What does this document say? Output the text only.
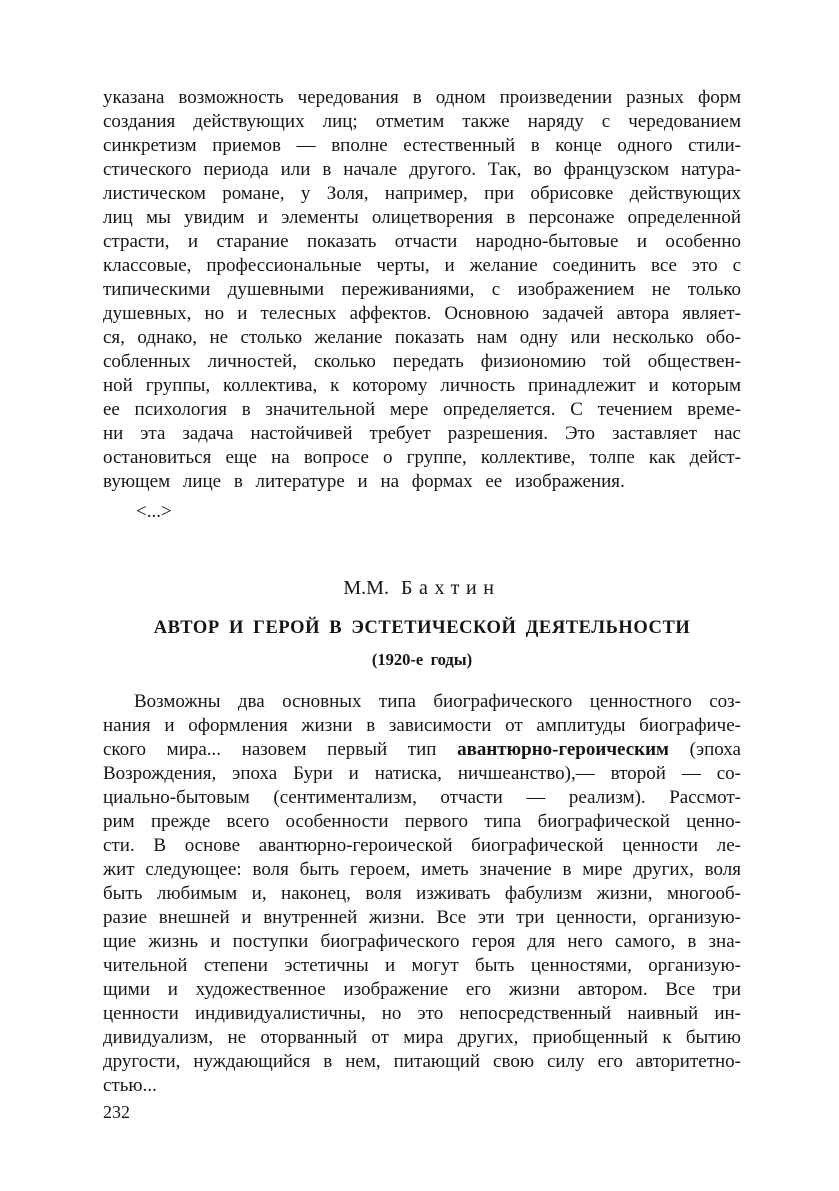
указана возможность чередования в одном произведении разных форм
создания действующих лиц; отметим также наряду с чередованием
синкретизм приемов — вполне естественный в конце одного стили-
стического периода или в начале другого. Так, во французском натура-
листическом романе, у Золя, например, при обрисовке действующих
лиц мы увидим и элементы олицетворения в персонаже определенной
страсти, и старание показать отчасти народно-бытовые и особенно
классовые, профессиональные черты, и желание соединить все это с
типическими душевными переживаниями, с изображением не только
душевных, но и телесных аффектов. Основною задачей автора являет-
ся, однако, не столько желание показать нам одну или несколько обо-
собленных личностей, сколько передать физиономию той обществен-
ной группы, коллектива, к которому личность принадлежит и которым
ее психология в значительной мере определяется. С течением време-
ни эта задача настойчивей требует разрешения. Это заставляет нас
остановиться еще на вопросе о группе, коллективе, толпе как дейст-
вующем лице в литературе и на формах ее изображения.
<...>
М.М. Бахтин
АВТОР И ГЕРОЙ В ЭСТЕТИЧЕСКОЙ ДЕЯТЕЛЬНОСТИ
(1920-е годы)
Возможны два основных типа биографического ценностного соз-
нания и оформления жизни в зависимости от амплитуды биографиче-
ского мира... назовем первый тип авантюрно-героическим (эпоха
Возрождения, эпоха Бури и натиска, ничшеанство),— второй — со-
циально-бытовым (сентиментализм, отчасти — реализм). Рассмот-
рим прежде всего особенности первого типа биографической ценно-
сти. В основе авантюрно-героической биографической ценности ле-
жит следующее: воля быть героем, иметь значение в мире других, воля
быть любимым и, наконец, воля изживать фабулизм жизни, многооб-
разие внешней и внутренней жизни. Все эти три ценности, организую-
щие жизнь и поступки биографического героя для него самого, в зна-
чительной степени эстетичны и могут быть ценностями, организую-
щими и художественное изображение его жизни автором. Все три
ценности индивидуалистичны, но это непосредственный наивный ин-
дивидуализм, не оторванный от мира других, приобщенный к бытию
другости, нуждающийся в нем, питающий свою силу его авторитетно-
стью...
232
